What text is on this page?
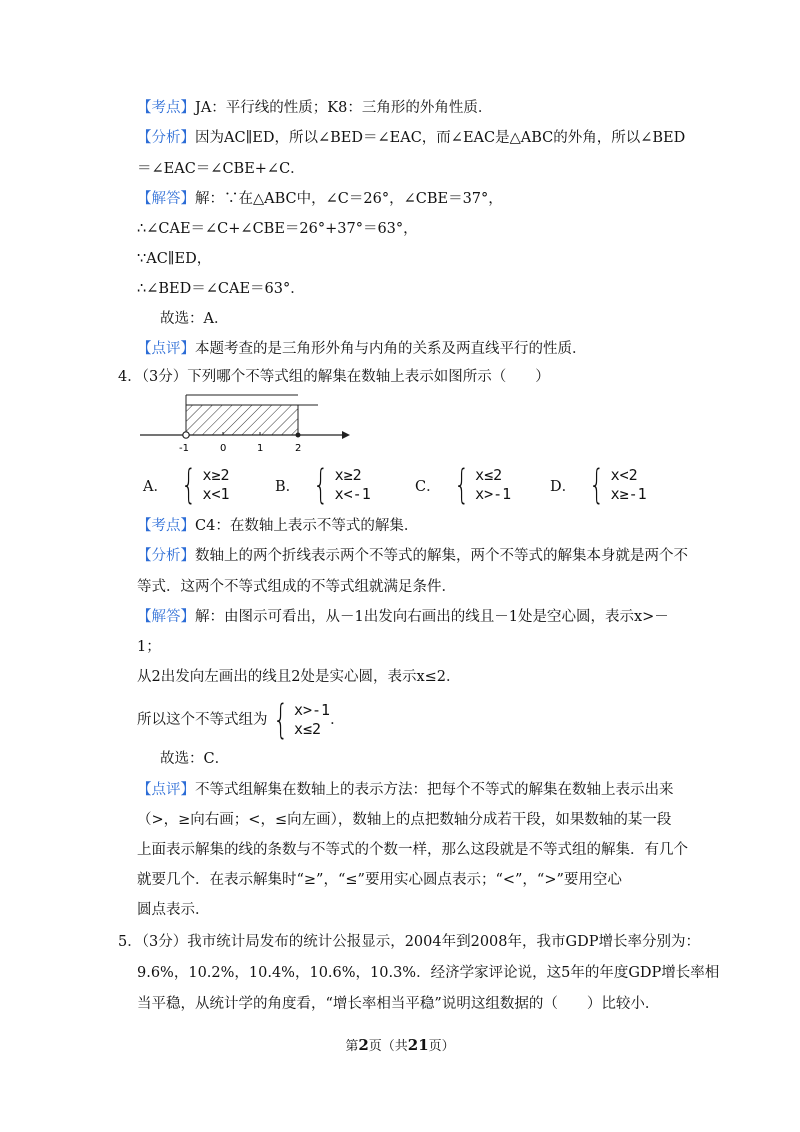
【考点】JA：平行线的性质；K8：三角形的外角性质．
【分析】因为AC∥ED，所以∠BED＝∠EAC，而∠EAC是△ABC的外角，所以∠BED
＝∠EAC＝∠CBE+∠C．
【解答】解：∵在△ABC中，∠C＝26°，∠CBE＝37°，
∴∠CAE＝∠C+∠CBE＝26°+37°＝63°，
∵AC∥ED，
∴∠BED＝∠CAE＝63°．
故选：A．
【点评】本题考查的是三角形外角与内角的关系及两直线平行的性质．
4．（3分）下列哪个不等式组的解集在数轴上表示如图所示（　　）
-1	0	1	2
A． { x≥2
x<1	B． { x≥2
x<-1	C． { x≤2
x>-1	D． { x<2
x≥-1
【考点】C4：在数轴上表示不等式的解集．
【分析】数轴上的两个折线表示两个不等式的解集，两个不等式的解集本身就是两个不
等式．这两个不等式组成的不等式组就满足条件．
【解答】解：由图示可看出，从－1出发向右画出的线且－1处是空心圆，表示x>－
1；
从2出发向左画出的线且2处是实心圆，表示x≤2．
所以这个不等式组为 { x>-1
x≤2 ．
故选：C．
【点评】不等式组解集在数轴上的表示方法：把每个不等式的解集在数轴上表示出来
（>，≥向右画；<，≤向左画），数轴上的点把数轴分成若干段，如果数轴的某一段
上面表示解集的线的条数与不等式的个数一样，那么这段就是不等式组的解集．有几个
就要几个．在表示解集时“≥”，“≤”要用实心圆点表示；“<”，“>”要用空心
圆点表示．
5．（3分）我市统计局发布的统计公报显示，2004年到2008年，我市GDP增长率分别为：
9.6%，10.2%，10.4%，10.6%，10.3%．经济学家评论说，这5年的年度GDP增长率相
当平稳，从统计学的角度看，“增长率相当平稳”说明这组数据的（　　）比较小．
第2页（共21页）
